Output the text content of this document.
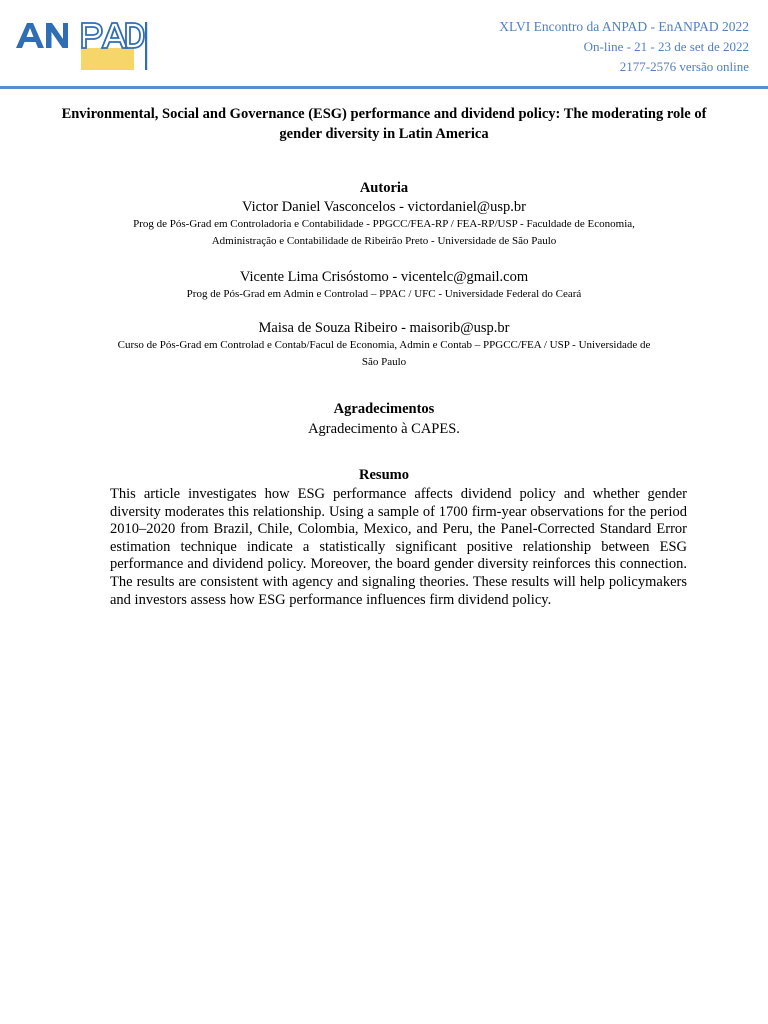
XLVI Encontro da ANPAD - EnANPAD 2022
On-line - 21 - 23 de set de 2022
2177-2576 versão online
Environmental, Social and Governance (ESG) performance and dividend policy: The moderating role of gender diversity in Latin America
Autoria
Victor Daniel Vasconcelos - victordaniel@usp.br
Prog de Pós-Grad em Controladoria e Contabilidade - PPGCC/FEA-RP / FEA-RP/USP - Faculdade de Economia,
Administração e Contabilidade de Ribeirão Preto - Universidade de São Paulo
Vicente Lima Crisóstomo - vicentelc@gmail.com
Prog de Pós-Grad em Admin e Controlad – PPAC / UFC - Universidade Federal do Ceará
Maisa de Souza Ribeiro - maisorib@usp.br
Curso de Pós-Grad em Controlad e Contab/Facul de Economia, Admin e Contab – PPGCC/FEA / USP - Universidade de
São Paulo
Agradecimentos
Agradecimento à CAPES.
Resumo
This article investigates how ESG performance affects dividend policy and whether gender diversity moderates this relationship. Using a sample of 1700 firm-year observations for the period 2010–2020 from Brazil, Chile, Colombia, Mexico, and Peru, the Panel-Corrected Standard Error estimation technique indicate a statistically significant positive relationship between ESG performance and dividend policy. Moreover, the board gender diversity reinforces this connection. The results are consistent with agency and signaling theories. These results will help policymakers and investors assess how ESG performance influences firm dividend policy.
